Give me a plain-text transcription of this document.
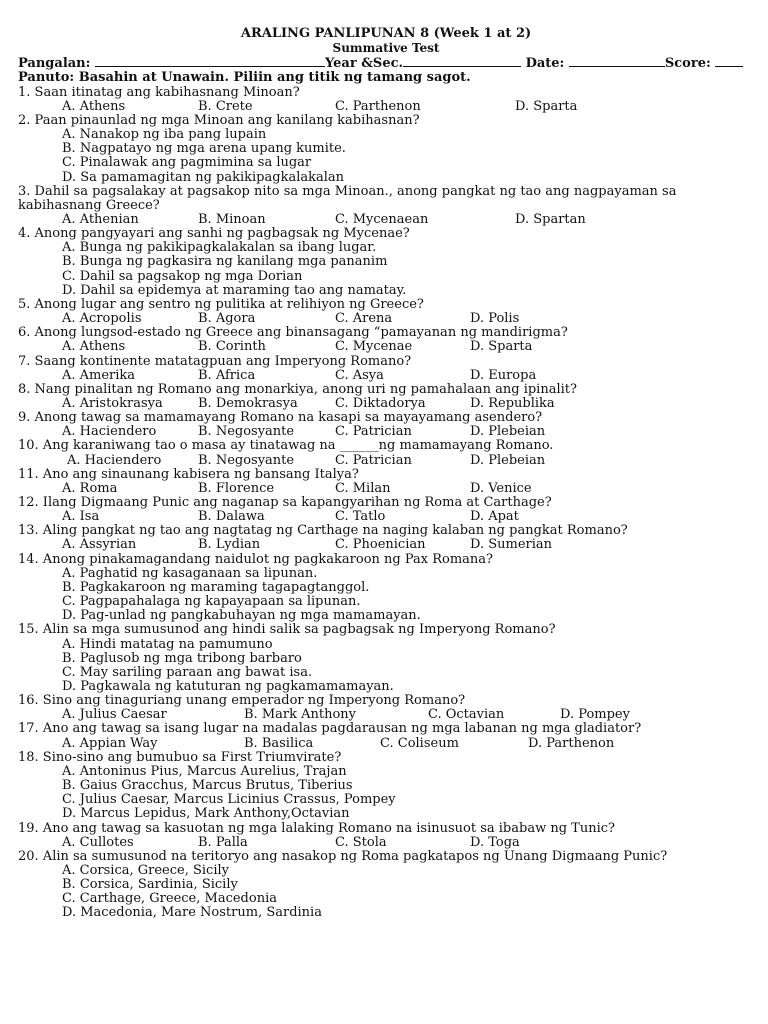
ARALING PANLIPUNAN 8 (Week 1 at 2)
Summative Test
Pangalan:	Year &Sec.	Date:	Score:
Panuto: Basahin at Unawain. Piliin ang titik ng tamang sagot.
1. Saan itinatag ang kabihasnang Minoan?
A. Athens	B. Crete	C. Parthenon	D. Sparta
2. Paan pinaunlad ng mga Minoan ang kanilang kabihasnan?
A. Nanakop ng iba pang lupain
B. Nagpatayo ng mga arena upang kumite.
C. Pinalawak ang pagmimina sa lugar
D. Sa pamamagitan ng pakikipagkalakalan
3. Dahil sa pagsalakay at pagsakop nito sa mga Minoan., anong pangkat ng tao ang nagpayaman sa
kabihasnang Greece?
A. Athenian	B. Minoan	C. Mycenaean	D. Spartan
4. Anong pangyayari ang sanhi ng pagbagsak ng Mycenae?
A. Bunga ng pakikipagkalakalan sa ibang lugar.
B. Bunga ng pagkasira ng kanilang mga pananim
C. Dahil sa pagsakop ng mga Dorian
D. Dahil sa epidemya at maraming tao ang namatay.
5. Anong lugar ang sentro ng pulitika at relihiyon ng Greece?
A. Acropolis	B. Agora	C. Arena	D. Polis
6. Anong lungsod-estado ng Greece ang binansagang “pamayanan ng mandirigma?
A. Athens	B. Corinth	C. Mycenae	D. Sparta
7. Saang kontinente matatagpuan ang Imperyong Romano?
A. Amerika	B. Africa	C. Asya	D. Europa
8. Nang pinalitan ng Romano ang monarkiya, anong uri ng pamahalaan ang ipinalit?
A. Aristokrasya	B. Demokrasya	C. Diktadorya	D. Republika
9. Anong tawag sa mamamayang Romano na kasapi sa mayayamang asendero?
A. Haciendero	B. Negosyante	C. Patrician	D. Plebeian
10. Ang karaniwang tao o masa ay tinatawag na ______ng mamamayang Romano.
A. Haciendero	B. Negosyante	C. Patrician	D. Plebeian
11. Ano ang sinaunang kabisera ng bansang Italya?
A. Roma	B. Florence	C. Milan	D. Venice
12. Ilang Digmaang Punic ang naganap sa kapangyarihan ng Roma at Carthage?
A. Isa	B. Dalawa	C. Tatlo	D. Apat
13. Aling pangkat ng tao ang nagtatag ng Carthage na naging kalaban ng pangkat Romano?
A. Assyrian	B. Lydian	C. Phoenician	D. Sumerian
14. Anong pinakamagandang naidulot ng pagkakaroon ng Pax Romana?
A. Paghatid ng kasaganaan sa lipunan.
B. Pagkakaroon ng maraming tagapagtanggol.
C. Pagpapahalaga ng kapayapaan sa lipunan.
D. Pag-unlad ng pangkabuhayan ng mga mamamayan.
15. Alin sa mga sumusunod ang hindi salik sa pagbagsak ng Imperyong Romano?
A. Hindi matatag na pamumuno
B. Paglusob ng mga tribong barbaro
C. May sariling paraan ang bawat isa.
D. Pagkawala ng katuturan ng pagkamamamayan.
16. Sino ang tinaguriang unang emperador ng Imperyong Romano?
A. Julius Caesar	B. Mark Anthony	C. Octavian	D. Pompey
17. Ano ang tawag sa isang lugar na madalas pagdarausan ng mga labanan ng mga gladiator?
A. Appian Way	B. Basilica	C. Coliseum	D. Parthenon
18. Sino-sino ang bumubuo sa First Triumvirate?
A. Antoninus Pius, Marcus Aurelius, Trajan
B. Gaius Gracchus, Marcus Brutus, Tiberius
C. Julius Caesar, Marcus Licinius Crassus, Pompey
D. Marcus Lepidus, Mark Anthony,Octavian
19. Ano ang tawag sa kasuotan ng mga lalaking Romano na isinusuot sa ibabaw ng Tunic?
A. Cullotes	B. Palla	C. Stola	D. Toga
20. Alin sa sumusunod na teritoryo ang nasakop ng Roma pagkatapos ng Unang Digmaang Punic?
A. Corsica, Greece, Sicily
B. Corsica, Sardinia, Sicily
C. Carthage, Greece, Macedonia
D. Macedonia, Mare Nostrum, Sardinia
